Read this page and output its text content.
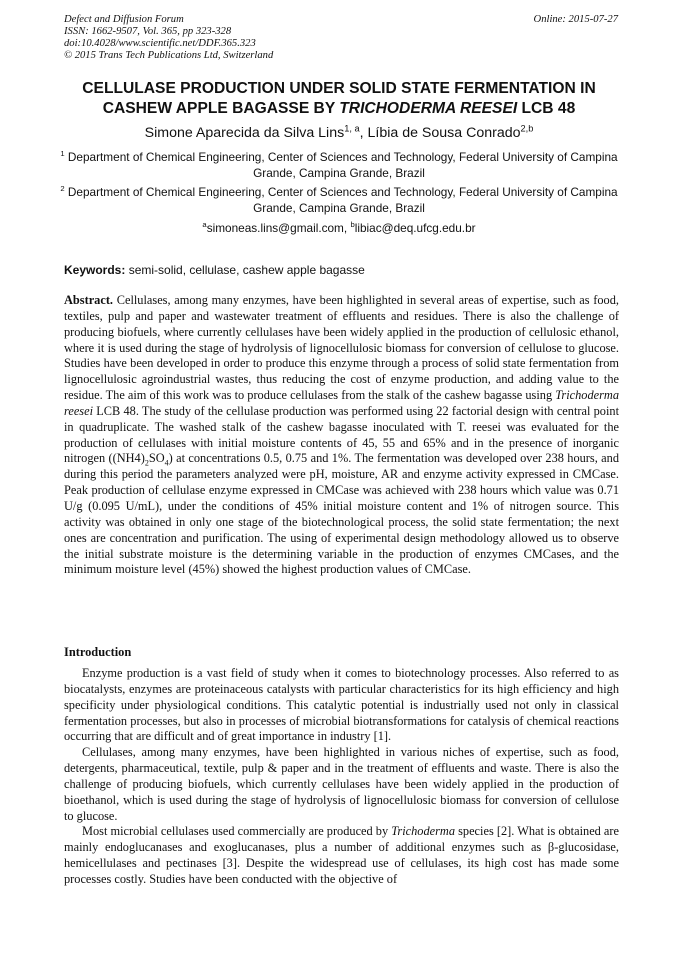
Defect and Diffusion Forum
ISSN: 1662-9507, Vol. 365, pp 323-328
doi:10.4028/www.scientific.net/DDF.365.323
© 2015 Trans Tech Publications Ltd, Switzerland
Online: 2015-07-27
CELLULASE PRODUCTION UNDER SOLID STATE FERMENTATION IN
CASHEW APPLE BAGASSE BY TRICHODERMA REESEI LCB 48
Simone Aparecida da Silva Lins$^{1, a}$, Líbia de Sousa Conrado$^{2,b}$
$^1$ Department of Chemical Engineering, Center of Sciences and Technology, Federal University of Campina Grande, Campina Grande, Brazil
$^2$ Department of Chemical Engineering, Center of Sciences and Technology, Federal University of Campina Grande, Campina Grande, Brazil
$^a$simoneas.lins@gmail.com, $^b$libiac@deq.ufcg.edu.br
Keywords: semi-solid, cellulase, cashew apple bagasse

Abstract. Cellulases, among many enzymes, have been highlighted in several areas of expertise, such as food, textiles, pulp and paper and wastewater treatment of effluents and residues. There is also the challenge of producing biofuels, where currently cellulases have been widely applied in the production of cellulosic ethanol, where it is used during the stage of hydrolysis of lignocellulosic biomass for conversion of cellulose to glucose. Studies have been developed in order to produce this enzyme through a process of solid state fermentation from lignocellulosic agroindustrial wastes, thus reducing the cost of enzyme production, and adding value to the residue. The aim of this work was to produce cellulases from the stalk of the cashew bagasse using Trichoderma reesei LCB 48. The study of the cellulase production was performed using 22 factorial design with central point in quadruplicate. The washed stalk of the cashew bagasse inoculated with T. reesei was evaluated for the production of cellulases with initial moisture contents of 45, 55 and 65% and in the presence of inorganic nitrogen $((NH4)_2SO_4)$ at concentrations 0.5, 0.75 and 1%. The fermentation was developed over 238 hours, and during this period the parameters analyzed were pH, moisture, AR and enzyme activity expressed in CMCase. Peak production of cellulase enzyme expressed in CMCase was achieved with 238 hours which value was 0.71 U/g (0.095 U/mL), under the conditions of 45% initial moisture content and 1% of nitrogen source. This activity was obtained in only one stage of the biotechnological process, the solid state fermentation; the next ones are concentration and purification. The using of experimental design methodology allowed us to observe the initial substrate moisture is the determining variable in the production of enzymes CMCases, and the minimum moisture level (45%) showed the highest production values of CMCase.

Introduction

Enzyme production is a vast field of study when it comes to biotechnology processes. Also referred to as biocatalysts, enzymes are proteinaceous catalysts with particular characteristics for its high efficiency and high specificity under physiological conditions. This catalytic potential is industrially used not only in classical fermentation processes, but also in processes of microbial biotransformations for catalysis of chemical reactions occurring that are difficult and of great importance in industry [1].

Cellulases, among many enzymes, have been highlighted in various niches of expertise, such as food, detergents, pharmaceutical, textile, pulp & paper and in the treatment of effluents and waste. There is also the challenge of producing biofuels, which currently cellulases have been widely applied in the production of bioethanol, which is used during the stage of hydrolysis of lignocellulosic biomass for conversion of cellulose to glucose.

Most microbial cellulases used commercially are produced by Trichoderma species [2]. What is obtained are mainly endoglucanases and exoglucanases, plus a number of additional enzymes such as β-glucosidase, hemicellulases and pectinases [3]. Despite the widespread use of cellulases, its high cost has made some processes costly. Studies have been conducted with the objective of
